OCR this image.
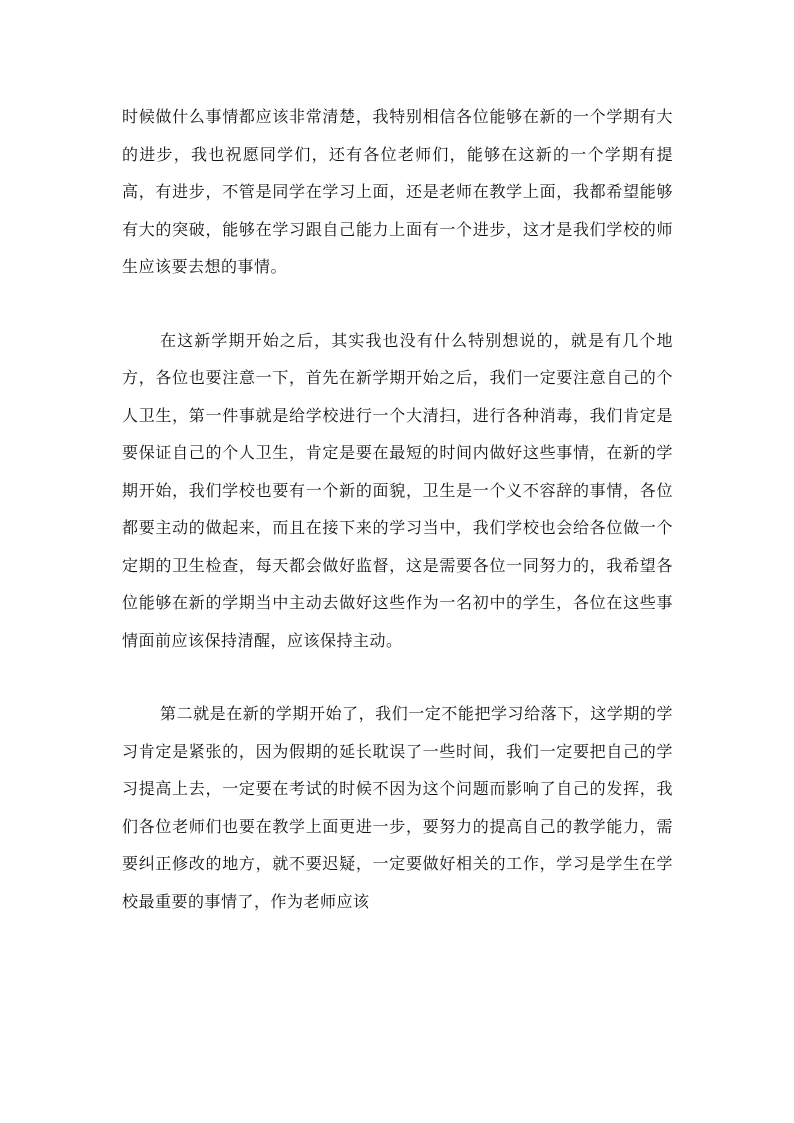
时候做什么事情都应该非常清楚，我特别相信各位能够在新的一个学期有大的进步，我也祝愿同学们，还有各位老师们，能够在这新的一个学期有提高，有进步，不管是同学在学习上面，还是老师在教学上面，我都希望能够有大的突破，能够在学习跟自己能力上面有一个进步，这才是我们学校的师生应该要去想的事情。

在这新学期开始之后，其实我也没有什么特别想说的，就是有几个地方，各位也要注意一下，首先在新学期开始之后，我们一定要注意自己的个人卫生，第一件事就是给学校进行一个大清扫，进行各种消毒，我们肯定是要保证自己的个人卫生，肯定是要在最短的时间内做好这些事情，在新的学期开始，我们学校也要有一个新的面貌，卫生是一个义不容辞的事情，各位都要主动的做起来，而且在接下来的学习当中，我们学校也会给各位做一个定期的卫生检查，每天都会做好监督，这是需要各位一同努力的，我希望各位能够在新的学期当中主动去做好这些作为一名初中的学生，各位在这些事情面前应该保持清醒，应该保持主动。

第二就是在新的学期开始了，我们一定不能把学习给落下，这学期的学习肯定是紧张的，因为假期的延长耽误了一些时间，我们一定要把自己的学习提高上去，一定要在考试的时候不因为这个问题而影响了自己的发挥，我们各位老师们也要在教学上面更进一步，要努力的提高自己的教学能力，需要纠正修改的地方，就不要迟疑，一定要做好相关的工作，学习是学生在学校最重要的事情了，作为老师应该
